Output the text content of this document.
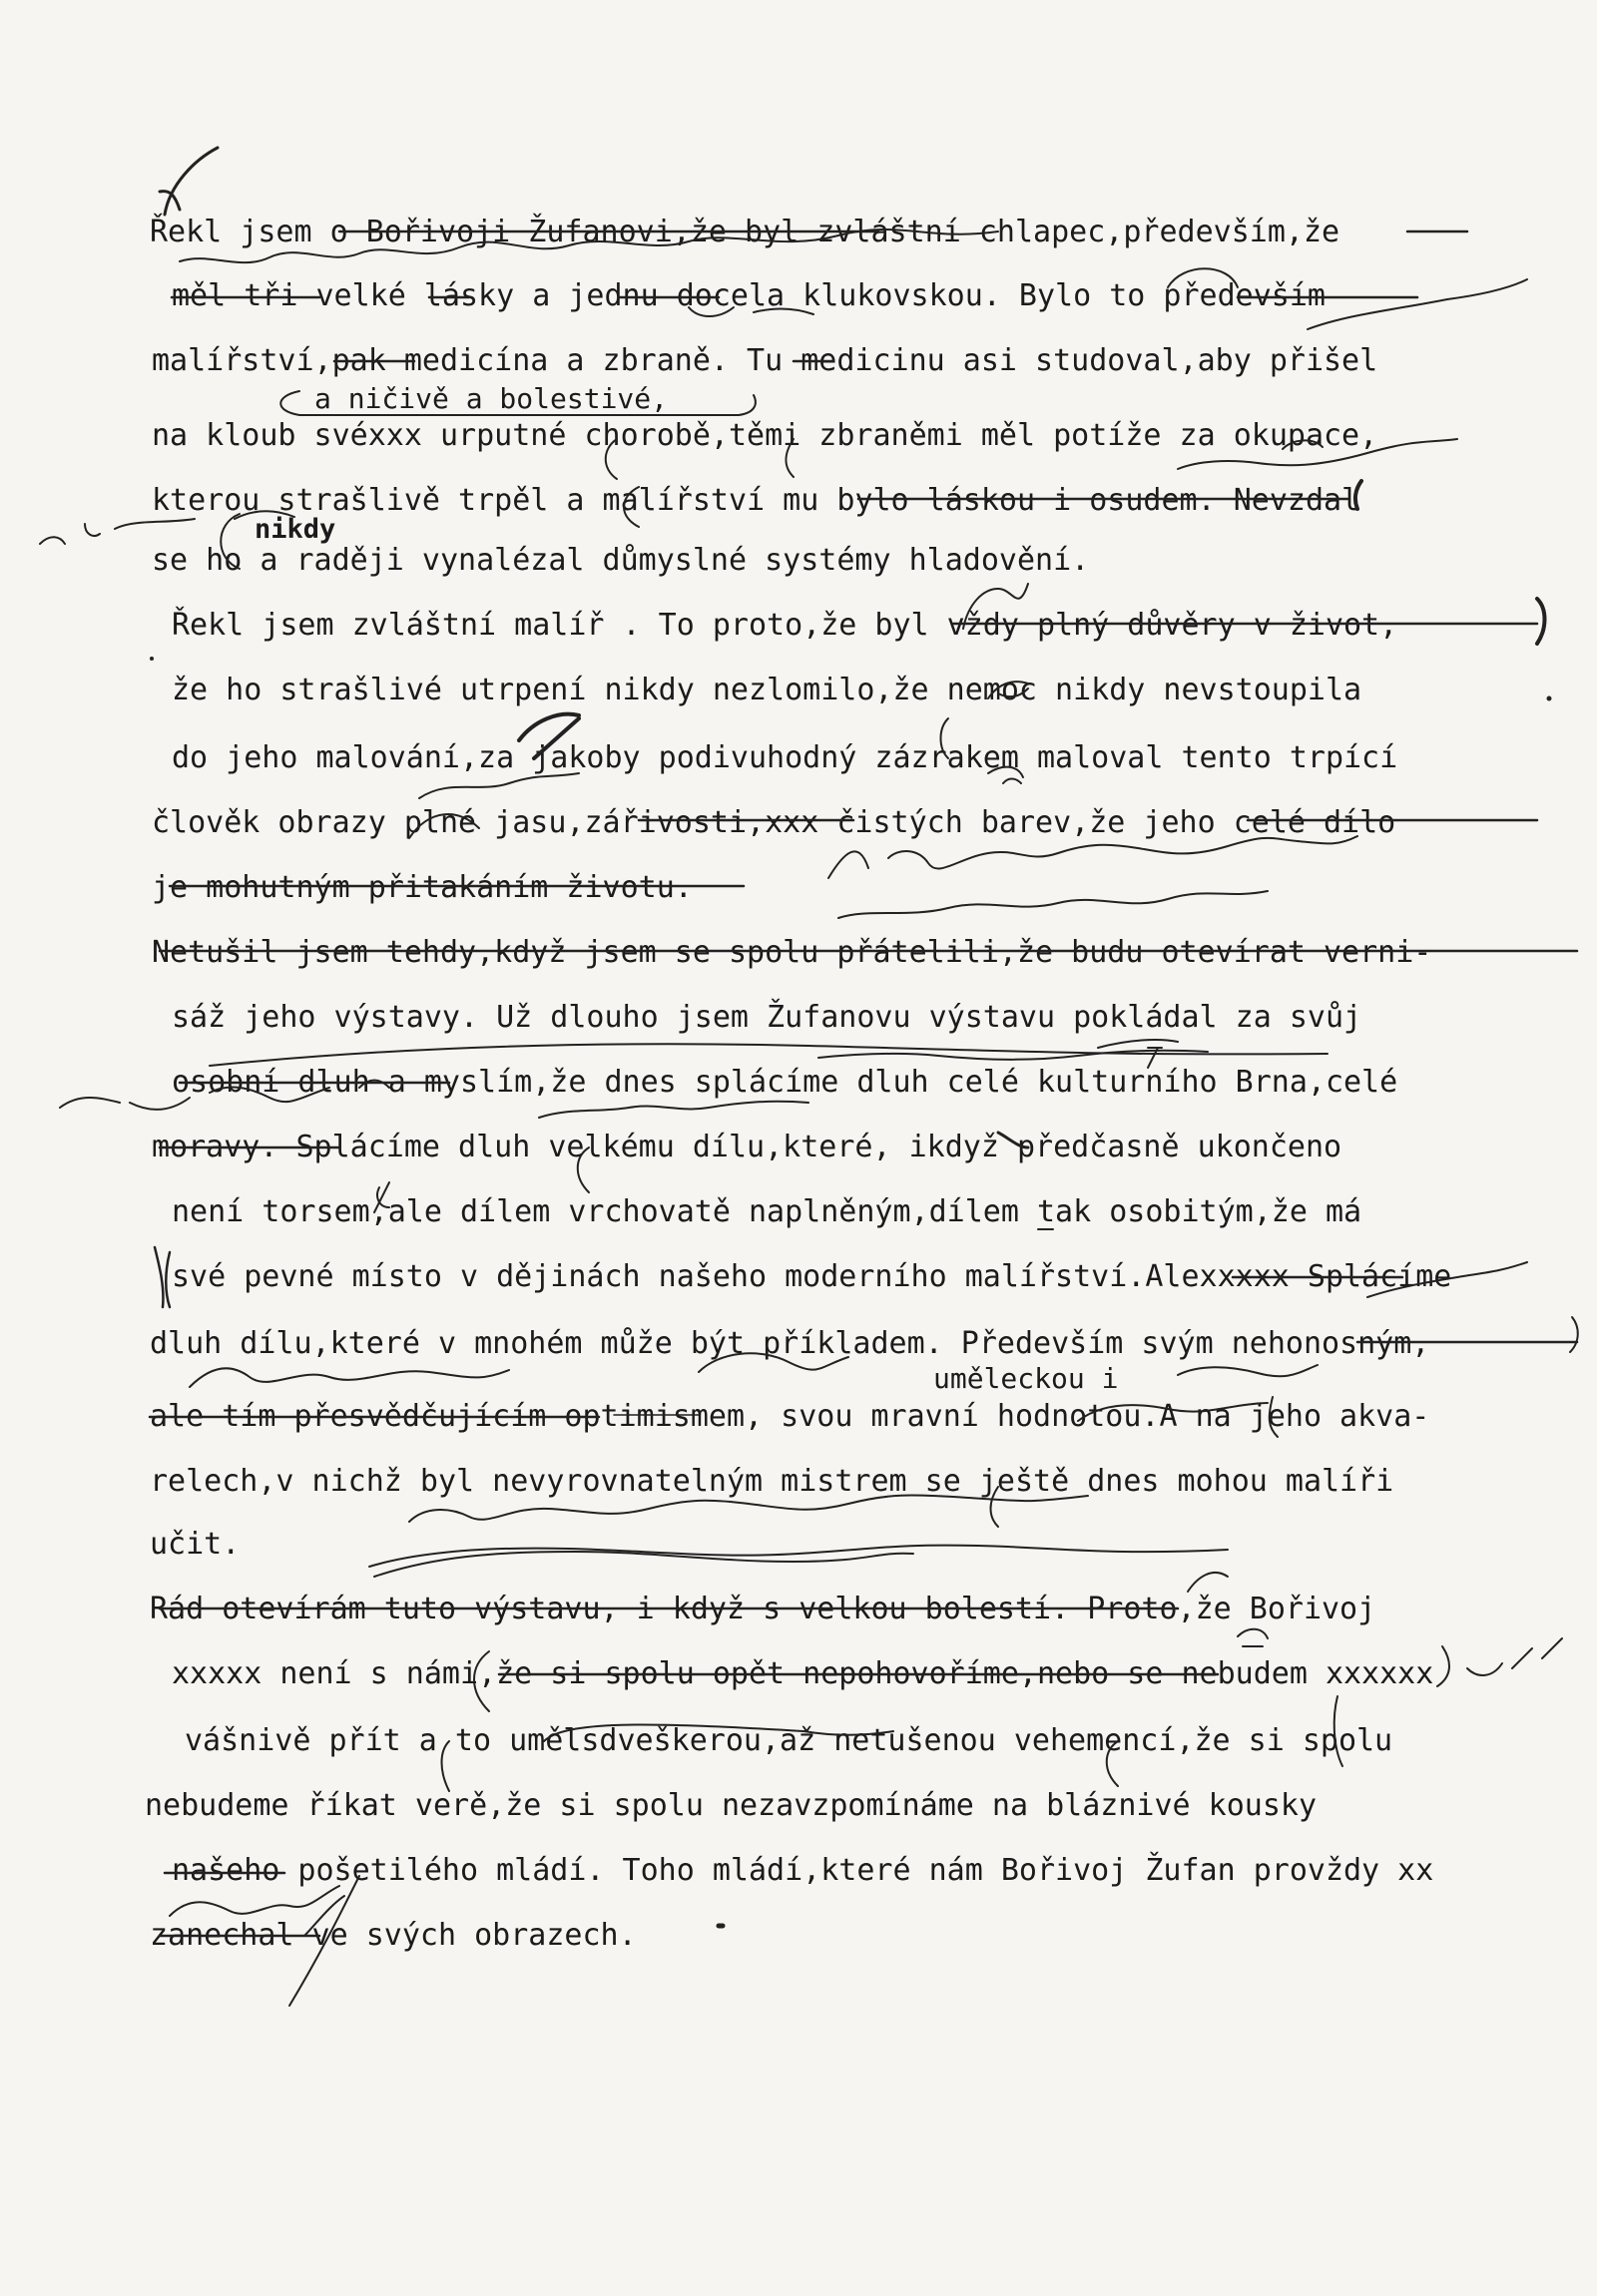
Řekl jsem o Bořivoji Žufanovi,že byl zvláštní chlapec,především,že
měl tři velké lásky a jednu docela klukovskou. Bylo to především
malířství,pak medicína a zbraně. Tu medicinu asi studoval,aby přišel
a ničivě a bolestivé,
na kloub svéxxx urputné chorobě,těmi zbraněmi měl potíže za okupace,
kterou strašlivě trpěl a malířství mu bylo láskou i osudem. Nevzdal
nikdy
se ho a raději vynalézal důmyslné systémy hladovění.
Řekl jsem zvláštní malíř . To proto,že byl vždy plný důvěry v život,
že ho strašlivé utrpení nikdy nezlomilo,že nemoc nikdy nevstoupila
do jeho malování,za jakoby podivuhodný zázrakem maloval tento trpící
člověk obrazy plné jasu,zářivosti,xxx čistých barev,že jeho celé dílo
je mohutným přitakáním životu.
Netušil jsem tehdy,když jsem se spolu přátelili,že budu otevírat verni-
sáž jeho výstavy. Už dlouho jsem Žufanovu výstavu pokládal za svůj
osobní dluh a myslím,že dnes splácíme dluh celé kulturního Brna,celé
moravy. Splácíme dluh velkému dílu,které, ikdyž předčasně ukončeno
není torsem,ale dílem vrchovatě naplněným,dílem tak osobitým,že má
své pevné místo v dějinách našeho moderního malířství.Alexxxxx Splácíme
dluh dílu,které v mnohém může být příkladem. Především svým nehonosným,
uměleckou i
ale tím přesvědčujícím optimismem, svou mravní hodnotou.A na jeho akva-
relech,v nichž byl nevyrovnatelným mistrem se ještě dnes mohou malíři
učit.
Rád otevírám tuto výstavu, i když s velkou bolestí. Proto,že Bořivoj
xxxxx není s námi,že si spolu opět nepohovoříme,nebo se nebudem xxxxxx
vášnivě přít a to umělsdveškerou,až netušenou vehemencí,že si spolu
nebudeme říkat verě,že si spolu nezavzpomínáme na bláznivé kousky
našeho pošetilého mládí. Toho mládí,které nám Bořivoj Žufan provždy xx
zanechal ve svých obrazech.
